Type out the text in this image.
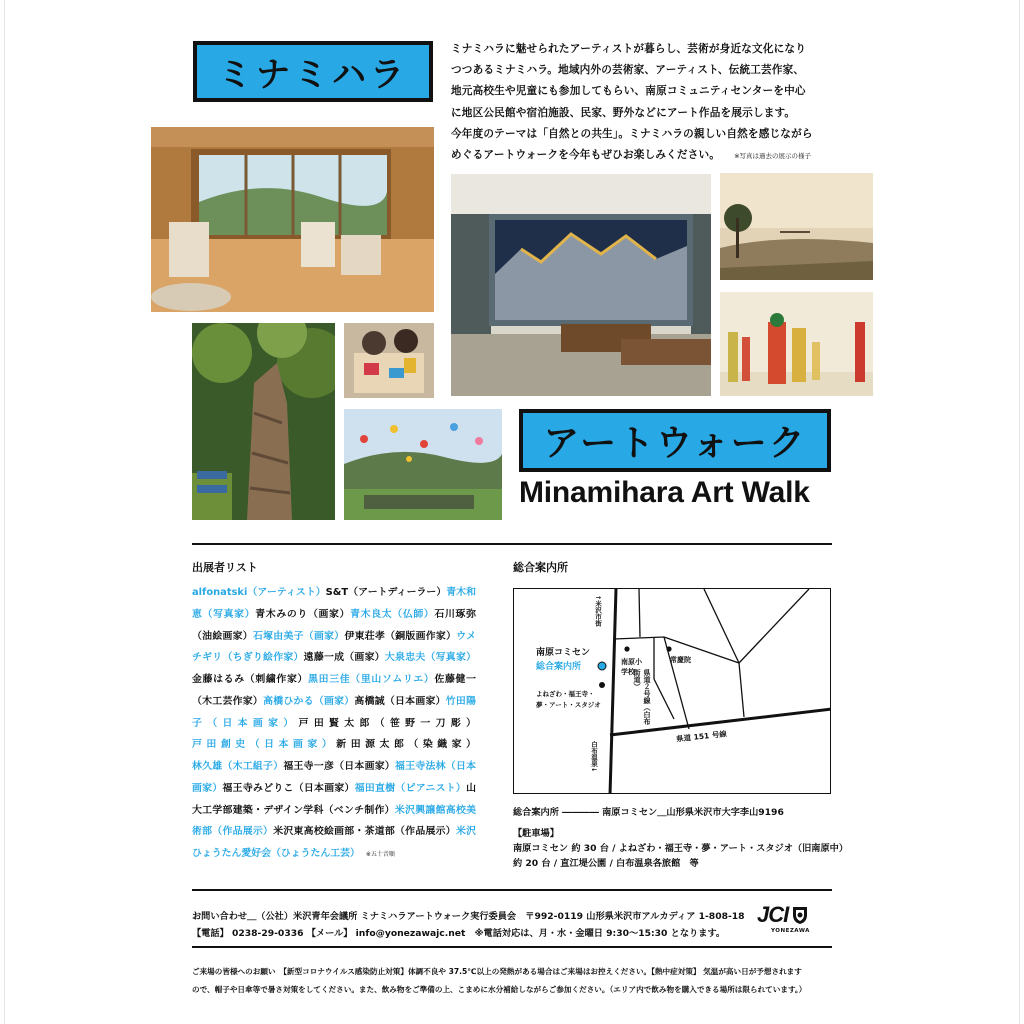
ミナミハラ
ミナミハラに魅せられたアーティストが暮らし、芸術が身近な文化になり
つつあるミナミハラ。地域内外の芸術家、アーティスト、伝統工芸作家、
地元高校生や児童にも参加してもらい、南原コミュニティセンターを中心
に地区公民館や宿泊施設、民家、野外などにアート作品を展示します。
今年度のテーマは「自然との共生」。ミナミハラの親しい自然を感じながら
めぐるアートウォークを今年もぜひお楽しみください。 ※写真は過去の展示の様子
アートウォーク
Minamihara Art Walk
出展者リスト	総合案内所
alfonatski（アーティスト）S&T（アートディーラー）青木和恵（写真家）青木みのり（画家）青木良太（仏師）石川琢弥（油絵画家）石塚由美子（画家）伊東荘孝（銅版画作家）ウメチギリ（ちぎり絵作家）遠藤一成（画家）大泉忠夫（写真家）金藤はるみ（刺繍作家）黒田三佳（里山ソムリエ）佐藤健一（木工芸作家）高橋ひかる（画家）高橋誠（日本画家）竹田陽子（日本画家）戸田賢太郎（笹野一刀彫）戸田創史（日本画家）新田源太郎（染織家）林久雄（木工組子）福王寺一彦（日本画家）福王寺法林（日本画家）福王寺みどりこ（日本画家）福田直樹（ピアニスト）山大工学部建築・デザイン学科（ベンチ制作）米沢興譲館高校美術部（作品展示）米沢東高校絵画部・茶道部（作品展示）米沢ひょうたん愛好会（ひょうたん工芸） ※五十音順
↑米沢市街
南原コミセン
総合案内所	南原小学校
常慶院
よねざわ・福王寺・夢・アート・スタジオ	県道２号線（白布街道）
県道 151 号線
白布温泉↓
総合案内所 ―――― 南原コミセン＿山形県米沢市大字李山9196
【駐車場】
南原コミセン 約 30 台 / よねざわ・福王寺・夢・アート・スタジオ（旧南原中）
約 20 台 / 直江堤公園 / 白布温泉各旅館　等
お問い合わせ＿（公社）米沢青年会議所 ミナミハラアートウォーク実行委員会　〒992-0119 山形県米沢市アルカディア 1-808-18
【電話】 0238-29-0336 【メール】 info@yonezawajc.net　※電話対応は、月・水・金曜日 9:30〜15:30 となります。
JCI
YONEZAWA
ご来場の皆様へのお願い　【新型コロナウイルス感染防止対策】体調不良や 37.5℃以上の発熱がある場合はご来場はお控えください。【熱中症対策】 気温が高い日が予想されます
ので、帽子や日傘等で暑さ対策をしてください。また、飲み物をご準備の上、こまめに水分補給しながらご参加ください。（エリア内で飲み物を購入できる場所は限られています。）
